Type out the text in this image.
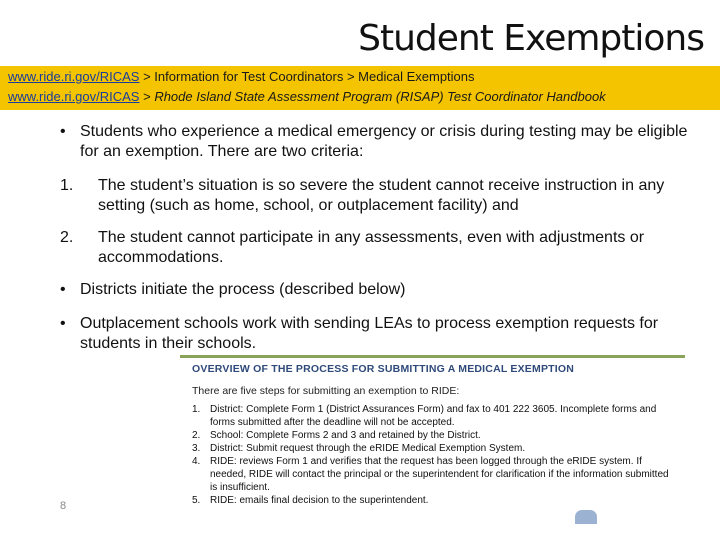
Student Exemptions
www.ride.ri.gov/RICAS > Information for Test Coordinators > Medical Exemptions
www.ride.ri.gov/RICAS > Rhode Island State Assessment Program (RISAP) Test Coordinator Handbook
• Students who experience a medical emergency or crisis during testing may be eligible for an exemption. There are two criteria:
1. The student’s situation is so severe the student cannot receive instruction in any setting (such as home, school, or outplacement facility) and
2. The student cannot participate in any assessments, even with adjustments or accommodations.
• Districts initiate the process (described below)
• Outplacement schools work with sending LEAs to process exemption requests for students in their schools.
OVERVIEW OF THE PROCESS FOR SUBMITTING A MEDICAL EXEMPTION
There are five steps for submitting an exemption to RIDE:
1. District: Complete Form 1 (District Assurances Form) and fax to 401 222 3605. Incomplete forms and forms submitted after the deadline will not be accepted.
2. School: Complete Forms 2 and 3 and retained by the District.
3. District: Submit request through the eRIDE Medical Exemption System.
4. RIDE: reviews Form 1 and verifies that the request has been logged through the eRIDE system. If needed, RIDE will contact the principal or the superintendent for clarification if the information submitted is insufficient.
5. RIDE: emails final decision to the superintendent.
8
